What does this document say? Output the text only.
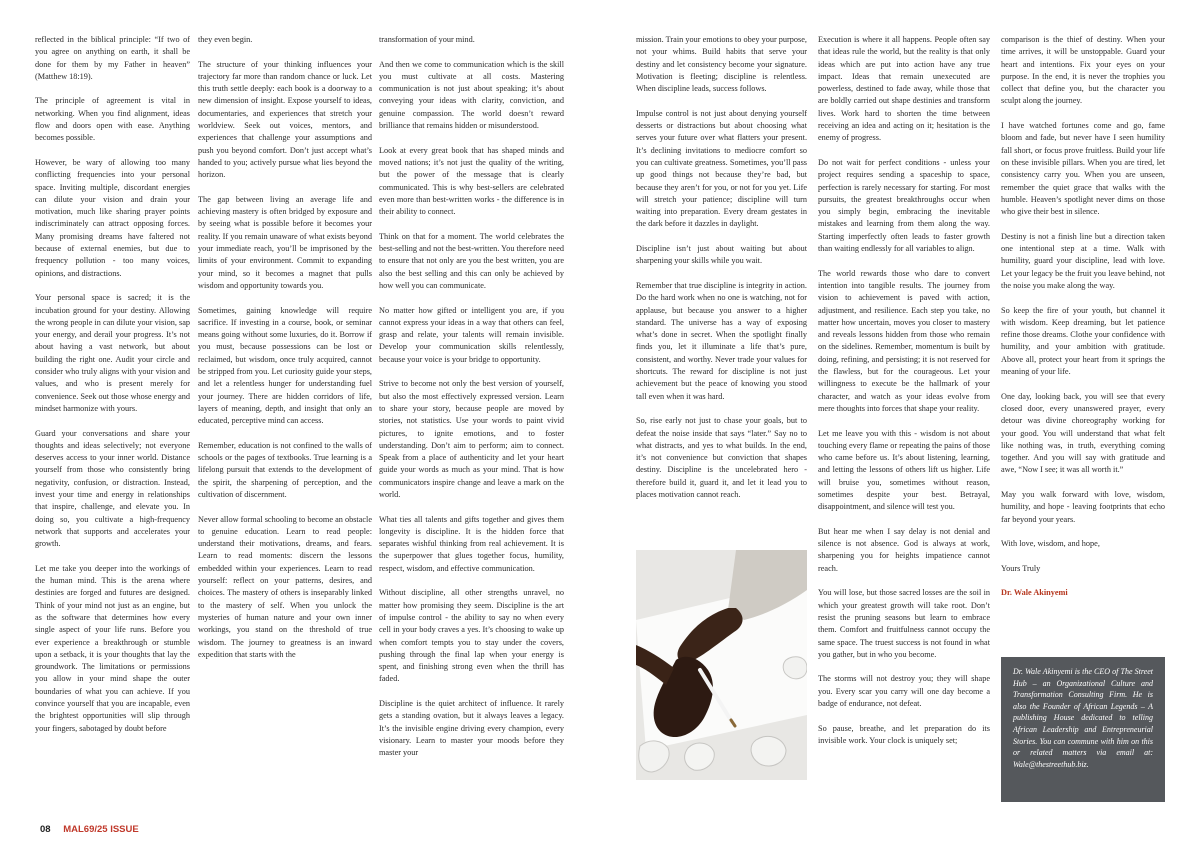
reflected in the biblical principle: “If two of you agree on anything on earth, it shall be done for them by my Father in heaven” (Matthew 18:19).

The principle of agreement is vital in networking. When you find alignment, ideas flow and doors open with ease. Anything becomes possible.

However, be wary of allowing too many conflicting frequencies into your personal space. Inviting multiple, discordant energies can dilute your vision and drain your motivation, much like sharing prayer points indiscriminately can attract opposing forces. Many promising dreams have faltered not because of external enemies, but due to frequency pollution - too many voices, opinions, and distractions.

Your personal space is sacred; it is the incubation ground for your destiny. Allowing the wrong people in can dilute your vision, sap your energy, and derail your progress. It’s not about having a vast network, but about building the right one. Audit your circle and consider who truly aligns with your vision and values, and who is present merely for convenience. Seek out those whose energy and mindset harmonize with yours.

Guard your conversations and share your thoughts and ideas selectively; not everyone deserves access to your inner world. Distance yourself from those who consistently bring negativity, confusion, or distraction. Instead, invest your time and energy in relationships that inspire, challenge, and elevate you. In doing so, you cultivate a high-frequency network that supports and accelerates your growth.

Let me take you deeper into the workings of the human mind. This is the arena where destinies are forged and futures are designed. Think of your mind not just as an engine, but as the software that determines how every single aspect of your life runs. Before you ever experience a breakthrough or stumble upon a setback, it is your thoughts that lay the groundwork. The limitations or permissions you allow in your mind shape the outer boundaries of what you can achieve. If you convince yourself that you are incapable, even the brightest opportunities will slip through your fingers, sabotaged by doubt before

they even begin.

The structure of your thinking influences your trajectory far more than random chance or luck. Let this truth settle deeply: each book is a doorway to a new dimension of insight. Expose yourself to ideas, documentaries, and experiences that stretch your worldview. Seek out voices, mentors, and experiences that challenge your assumptions and push you beyond comfort. Don’t just accept what’s handed to you; actively pursue what lies beyond the horizon.

The gap between living an average life and achieving mastery is often bridged by exposure and by seeing what is possible before it becomes your reality. If you remain unaware of what exists beyond your immediate reach, you’ll be imprisoned by the limits of your environment. Commit to expanding your mind, so it becomes a magnet that pulls wisdom and opportunity towards you.

Sometimes, gaining knowledge will require sacrifice. If investing in a course, book, or seminar means going without some luxuries, do it. Borrow if you must, because possessions can be lost or reclaimed, but wisdom, once truly acquired, cannot be stripped from you. Let curiosity guide your steps, and let a relentless hunger for understanding fuel your journey. There are hidden corridors of life, layers of meaning, depth, and insight that only an educated, perceptive mind can access.

Remember, education is not confined to the walls of schools or the pages of textbooks. True learning is a lifelong pursuit that extends to the development of the spirit, the sharpening of perception, and the cultivation of discernment.

Never allow formal schooling to become an obstacle to genuine education. Learn to read people: understand their motivations, dreams, and fears. Learn to read moments: discern the lessons embedded within your experiences. Learn to read yourself: reflect on your patterns, desires, and choices. The mastery of others is inseparably linked to the mastery of self. When you unlock the mysteries of human nature and your own inner workings, you stand on the threshold of true wisdom. The journey to greatness is an inward expedition that starts with the

transformation of your mind.

And then we come to communication which is the skill you must cultivate at all costs. Mastering communication is not just about speaking; it’s about conveying your ideas with clarity, conviction, and genuine compassion. The world doesn’t reward brilliance that remains hidden or misunderstood.

Look at every great book that has shaped minds and moved nations; it’s not just the quality of the writing, but the power of the message that is clearly communicated. This is why best-sellers are celebrated even more than best-written works - the difference is in their ability to connect.

Think on that for a moment. The world celebrates the best-selling and not the best-written. You therefore need to ensure that not only are you the best written, you are also the best selling and this can only be achieved by how well you can communicate.

No matter how gifted or intelligent you are, if you cannot express your ideas in a way that others can feel, grasp and relate, your talents will remain invisible. Develop your communication skills relentlessly, because your voice is your bridge to opportunity.

Strive to become not only the best version of yourself, but also the most effectively expressed version. Learn to share your story, because people are moved by stories, not statistics. Use your words to paint vivid pictures, to ignite emotions, and to foster understanding. Don’t aim to perform; aim to connect. Speak from a place of authenticity and let your heart guide your words as much as your mind. That is how communicators inspire change and leave a mark on the world.

What ties all talents and gifts together and gives them longevity is discipline. It is the hidden force that separates wishful thinking from real achievement. It is the superpower that glues together focus, humility, respect, wisdom, and effective communication.

Without discipline, all other strengths unravel, no matter how promising they seem. Discipline is the art of impulse control - the ability to say no when every cell in your body craves a yes. It’s choosing to wake up when comfort tempts you to stay under the covers, pushing through the final lap when your energy is spent, and finishing strong even when the thrill has faded.

Discipline is the quiet architect of influence. It rarely gets a standing ovation, but it always leaves a legacy. It’s the invisible engine driving every champion, every visionary. Learn to master your moods before they master your

mission. Train your emotions to obey your purpose, not your whims. Build habits that serve your destiny and let consistency become your signature. Motivation is fleeting; discipline is relentless. When discipline leads, success follows.

Impulse control is not just about denying yourself desserts or distractions but about choosing what serves your future over what flatters your present. It’s declining invitations to mediocre comfort so you can cultivate greatness. Sometimes, you’ll pass up good things not because they’re bad, but because they aren’t for you, or not for you yet. Life will stretch your patience; discipline will turn waiting into preparation. Every dream gestates in the dark before it dazzles in daylight.

Discipline isn’t just about waiting but about sharpening your skills while you wait.

Remember that true discipline is integrity in action. Do the hard work when no one is watching, not for applause, but because you answer to a higher standard. The universe has a way of exposing what’s done in secret. When the spotlight finally finds you, let it illuminate a life that’s pure, consistent, and worthy. Never trade your values for shortcuts. The reward for discipline is not just achievement but the peace of knowing you stood tall even when it was hard.

So, rise early not just to chase your goals, but to defeat the noise inside that says “later.” Say no to what distracts, and yes to what builds. In the end, it’s not convenience but conviction that shapes destiny. Discipline is the uncelebrated hero - therefore build it, guard it, and let it lead you to places motivation cannot reach.

Execution is where it all happens. People often say that ideas rule the world, but the reality is that only ideas which are put into action have any true impact. Ideas that remain unexecuted are powerless, destined to fade away, while those that are boldly carried out shape destinies and transform lives. Work hard to shorten the time between receiving an idea and acting on it; hesitation is the enemy of progress.

Do not wait for perfect conditions - unless your project requires sending a spaceship to space, perfection is rarely necessary for starting. For most pursuits, the greatest breakthroughs occur when you simply begin, embracing the inevitable mistakes and learning from them along the way. Starting imperfectly often leads to faster growth than waiting endlessly for all variables to align.

The world rewards those who dare to convert intention into tangible results. The journey from vision to achievement is paved with action, adjustment, and resilience. Each step you take, no matter how uncertain, moves you closer to mastery and reveals lessons hidden from those who remain on the sidelines. Remember, momentum is built by doing, refining, and persisting; it is not reserved for the flawless, but for the courageous. Let your willingness to execute be the hallmark of your character, and watch as your ideas evolve from mere thoughts into forces that shape your reality.

Let me leave you with this - wisdom is not about touching every flame or repeating the pains of those who came before us. It’s about listening, learning, and letting the lessons of others lift us higher. Life will bruise you, sometimes without reason, sometimes despite your best. Betrayal, disappointment, and silence will test you.

But hear me when I say delay is not denial and silence is not absence. God is always at work, sharpening you for heights impatience cannot reach.

You will lose, but those sacred losses are the soil in which your greatest growth will take root. Don’t resist the pruning seasons but learn to embrace them. Comfort and fruitfulness cannot occupy the same space. The truest success is not found in what you gather, but in who you become.

The storms will not destroy you; they will shape you. Every scar you carry will one day become a badge of endurance, not defeat.

So pause, breathe, and let preparation do its invisible work. Your clock is uniquely set;

comparison is the thief of destiny. When your time arrives, it will be unstoppable. Guard your heart and intentions. Fix your eyes on your purpose. In the end, it is never the trophies you collect that define you, but the character you sculpt along the journey.

I have watched fortunes come and go, fame bloom and fade, but never have I seen humility fall short, or focus prove fruitless. Build your life on these invisible pillars. When you are tired, let consistency carry you. When you are unseen, remember the quiet grace that walks with the humble. Heaven’s spotlight never dims on those who give their best in silence.

Destiny is not a finish line but a direction taken one intentional step at a time. Walk with humility, guard your discipline, lead with love. Let your legacy be the fruit you leave behind, not the noise you make along the way.

So keep the fire of your youth, but channel it with wisdom. Keep dreaming, but let patience refine those dreams. Clothe your confidence with humility, and your ambition with gratitude. Above all, protect your heart from it springs the meaning of your life.

One day, looking back, you will see that every closed door, every unanswered prayer, every detour was divine choreography working for your good. You will understand that what felt like nothing was, in truth, everything coming together. And you will say with gratitude and awe, “Now I see; it was all worth it.”

May you walk forward with love, wisdom, humility, and hope - leaving footprints that echo far beyond your years.

With love, wisdom, and hope,

Yours Truly

Dr. Wale Akinyemi

Dr. Wale Akinyemi is the CEO of The Street Hub – an Organizational Culture and Transformation Consulting Firm. He is also the Founder of African Legends – A publishing House dedicated to telling African Leadership and Entrepreneurial Stories. You can commune with him on this or related matters via email at: Wale@thestreethub.biz.

08 MAL69/25 ISSUE
